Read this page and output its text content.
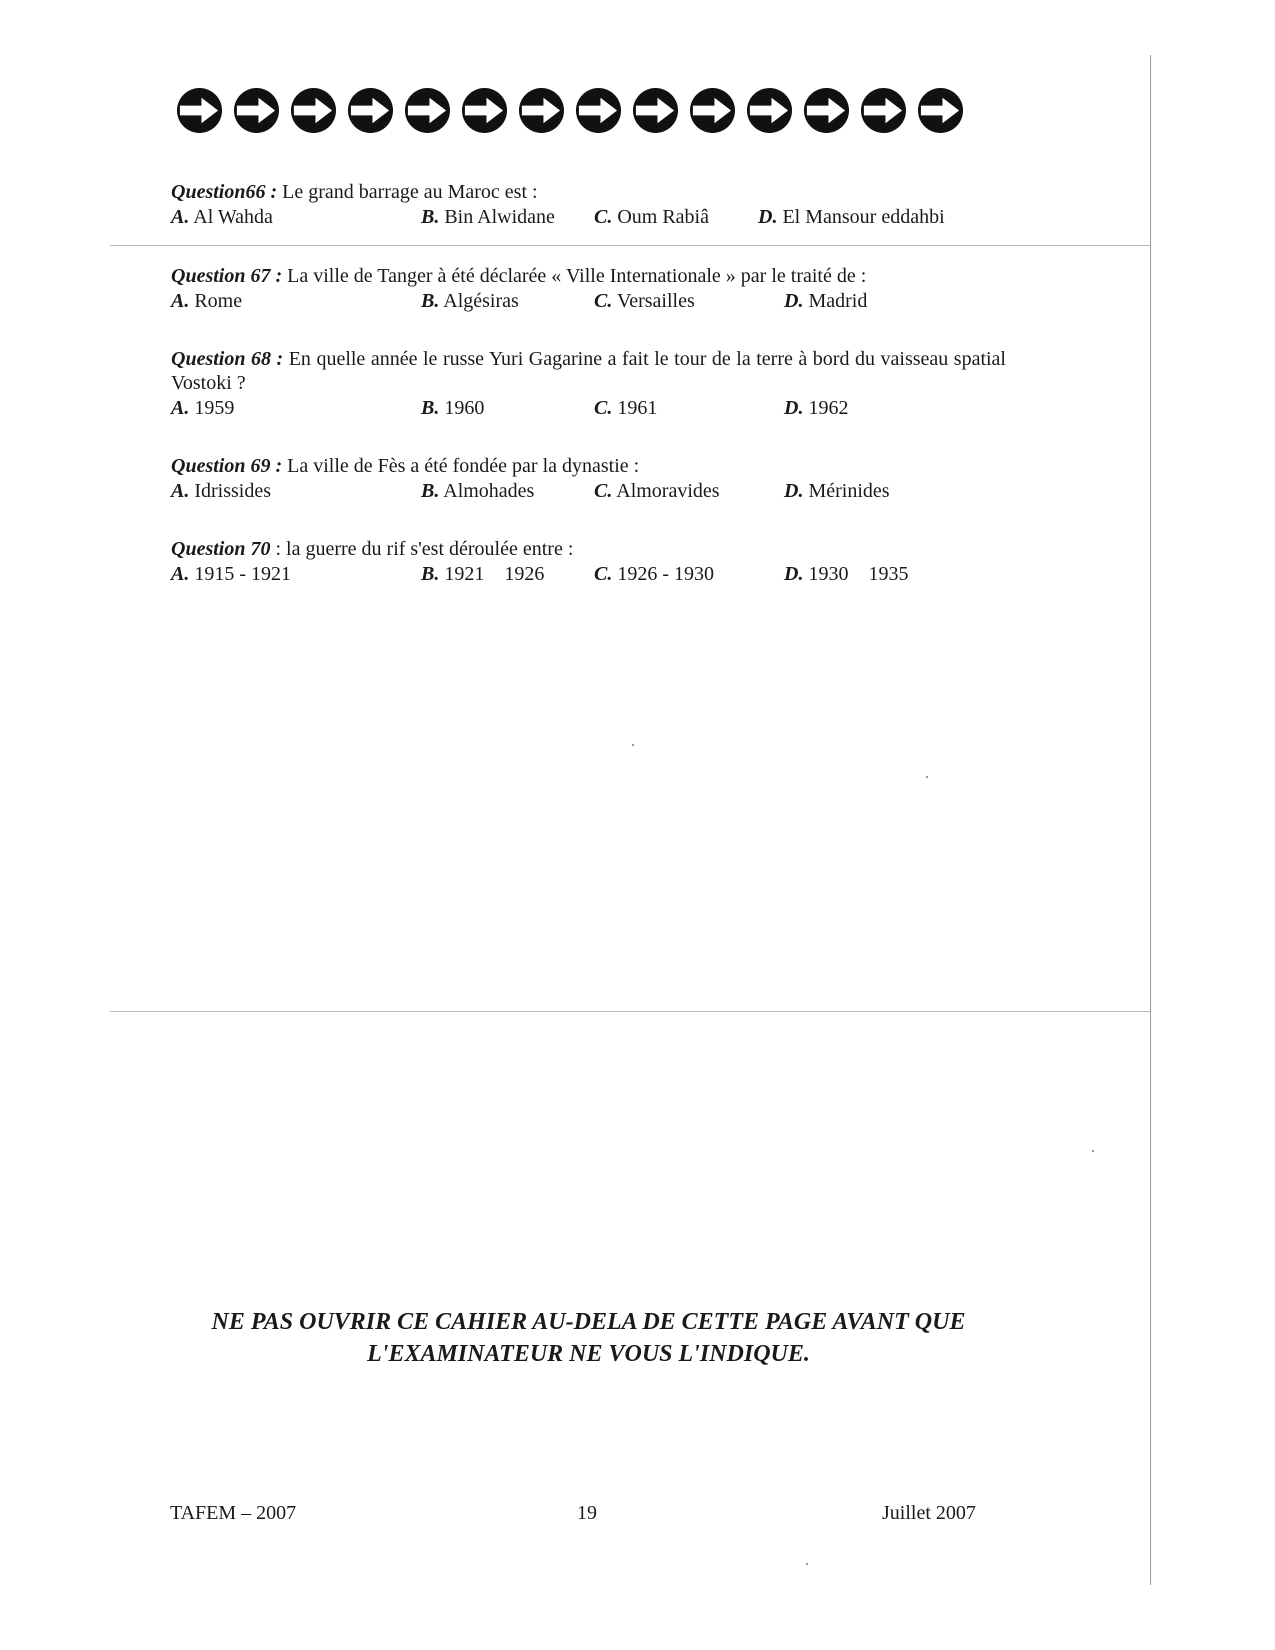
Question66 : Le grand barrage au Maroc est :
A. Al Wahda	B. Bin Alwidane C. Oum Rabiâ D. El Mansour eddahbi
Question 67 : La ville de Tanger à été déclarée « Ville Internationale » par le traité de :
A. Rome	B. Algésiras	C. Versailles	D. Madrid
Question 68 : En quelle année le russe Yuri Gagarine a fait le tour de la terre à bord du vaisseau spatial Vostoki ?
A. 1959	B. 1960	C. 1961	D. 1962
Question 69 : La ville de Fès a été fondée par la dynastie :
A. Idrissides	B. Almohades	C. Almoravides	D. Mérinides
Question 70 : la guerre du rif s'est déroulée entre :
A. 1915 - 1921	B. 1921    1926 C. 1926 - 1930	D. 1930    1935
NE PAS OUVRIR CE CAHIER AU-DELA DE CETTE PAGE AVANT QUE
L'EXAMINATEUR NE VOUS L'INDIQUE.
TAFEM – 2007	19	Juillet 2007
